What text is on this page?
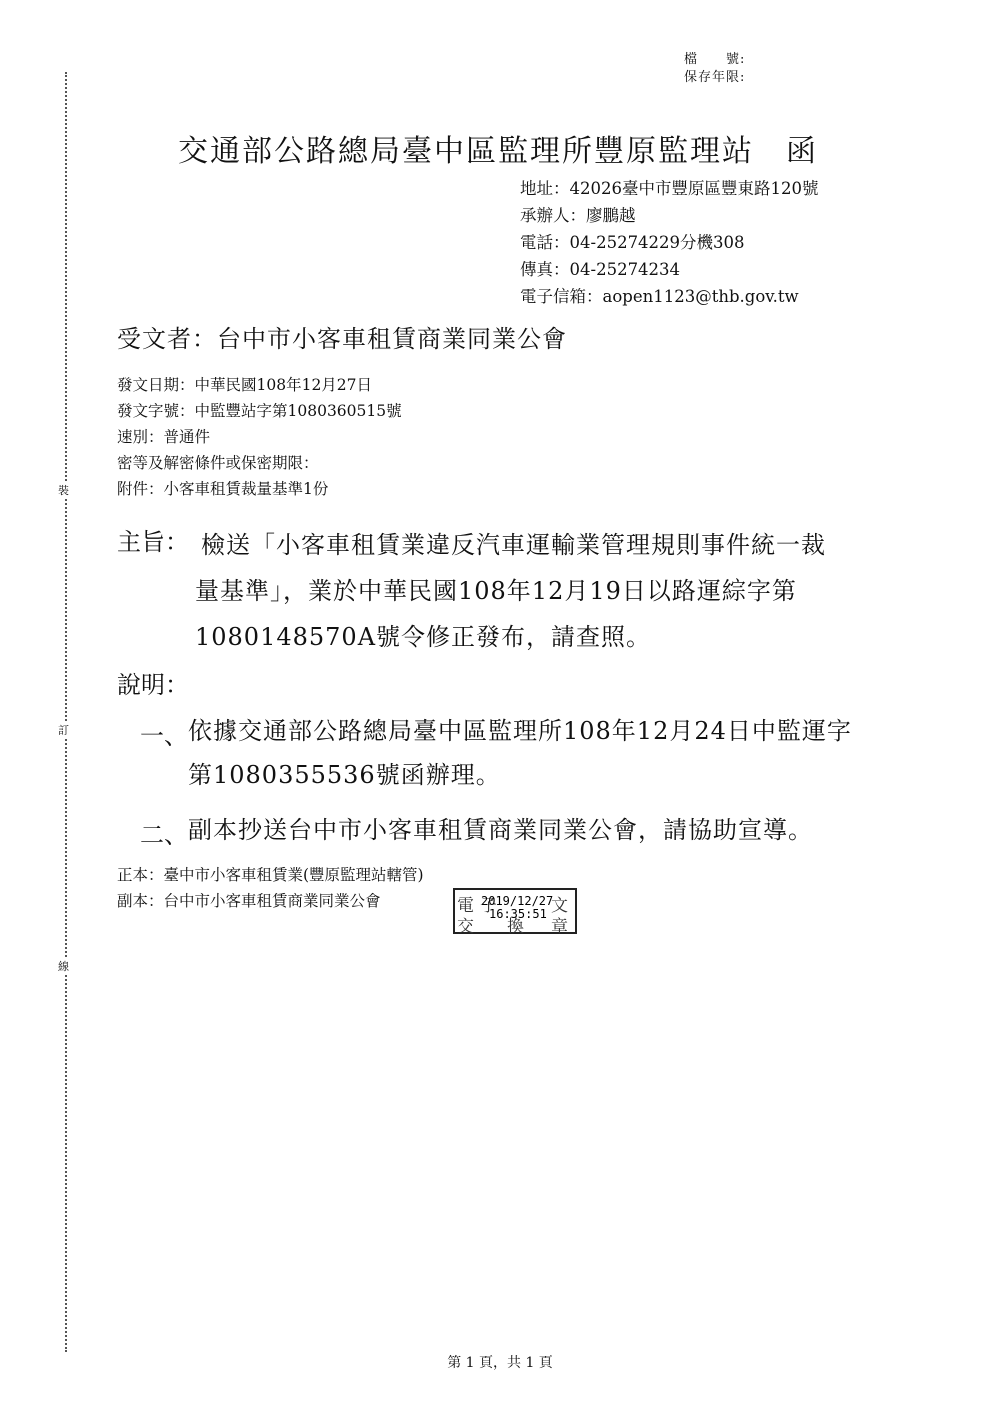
裝
訂
線
檔　　號:
保存年限:
交通部公路總局臺中區監理所豐原監理站　函
地址：42026臺中市豐原區豐東路120號
承辦人：廖鵬越
電話：04-25274229分機308
傳真：04-25274234
電子信箱：aopen1123@thb.gov.tw
受文者：台中市小客車租賃商業同業公會
發文日期：中華民國108年12月27日
發文字號：中監豐站字第1080360515號
速別：普通件
密等及解密條件或保密期限：
附件：小客車租賃裁量基準1份
主旨： 檢送「小客車租賃業違反汽車運輸業管理規則事件統一裁
量基準」，業於中華民國108年12月19日以路運綜字第
1080148570A號令修正發布，請查照。
說明：
一、 依據交通部公路總局臺中區監理所108年12月24日中監運字
第1080355536號函辦理。
二、 副本抄送台中市小客車租賃商業同業公會，請協助宣導。
正本：臺中市小客車租賃業(豐原監理站轄管)
副本：台中市小客車租賃商業同業公會	電子	文
交 換 章
2019/12/27
16:35:51
第 1 頁，共 1 頁
